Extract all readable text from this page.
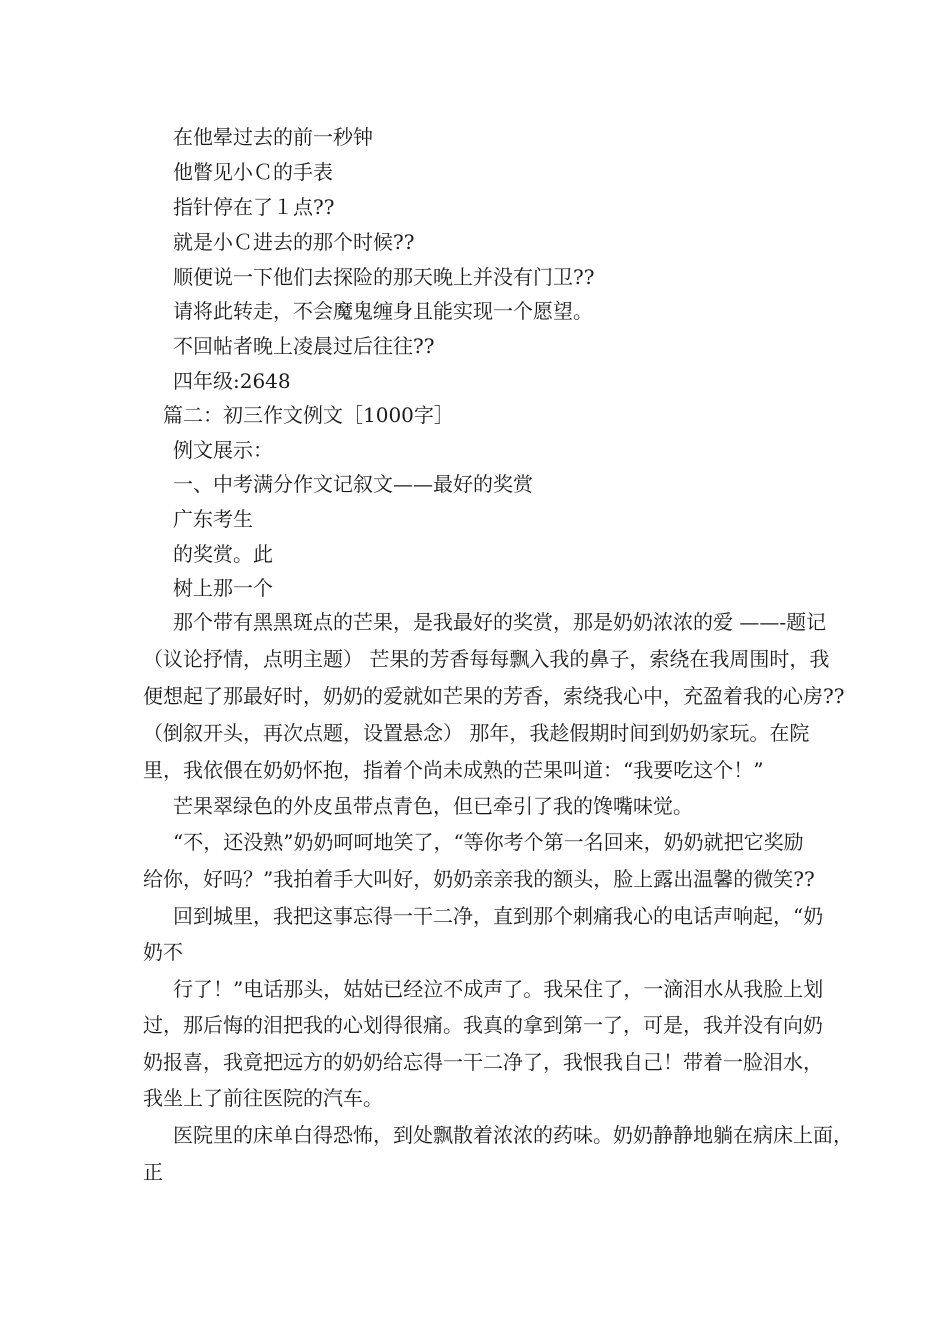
在他晕过去的前一秒钟
他瞥见小Ｃ的手表
指针停在了１点??
就是小Ｃ进去的那个时候??
顺便说一下他们去探险的那天晚上并没有门卫??
请将此转走，不会魔鬼缠身且能实现一个愿望。
不回帖者晚上凌晨过后往往??
四年级:2648
篇二：初三作文例文［1000字］
例文展示：
一、中考满分作文记叙文——最好的奖赏
广东考生
的奖赏。此
树上那一个
那个带有黑黑斑点的芒果，是我最好的奖赏，那是奶奶浓浓的爱 ——-题记
（议论抒情，点明主题） 芒果的芳香每每飘入我的鼻子，索绕在我周围时，我
便想起了那最好时，奶奶的爱就如芒果的芳香，索绕我心中，充盈着我的心房??
（倒叙开头，再次点题，设置悬念） 那年，我趁假期时间到奶奶家玩。在院
里，我依偎在奶奶怀抱，指着个尚未成熟的芒果叫道：“我要吃这个！”
芒果翠绿色的外皮虽带点青色，但已牵引了我的馋嘴味觉。
“不，还没熟”奶奶呵呵地笑了，“等你考个第一名回来，奶奶就把它奖励
给你，好吗？”我拍着手大叫好，奶奶亲亲我的额头，脸上露出温馨的微笑??
回到城里，我把这事忘得一干二净，直到那个刺痛我心的电话声响起，“奶
奶不
行了！”电话那头，姑姑已经泣不成声了。我呆住了，一滴泪水从我脸上划
过，那后悔的泪把我的心划得很痛。我真的拿到第一了，可是，我并没有向奶
奶报喜，我竟把远方的奶奶给忘得一干二净了，我恨我自己！带着一脸泪水，
我坐上了前往医院的汽车。
医院里的床单白得恐怖，到处飘散着浓浓的药味。奶奶静静地躺在病床上面，
正
